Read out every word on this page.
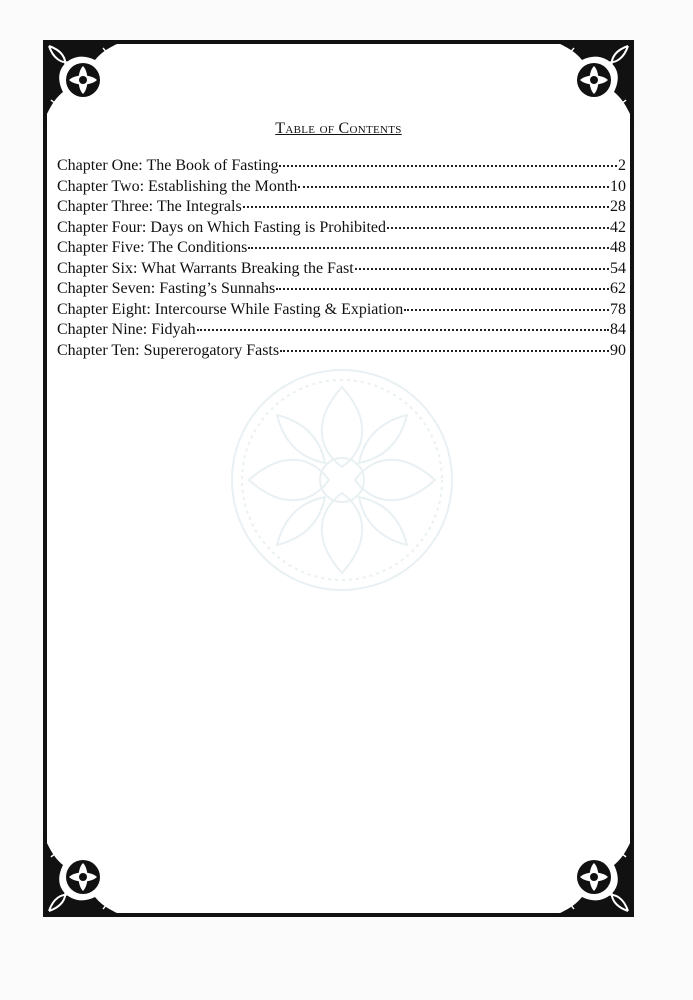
Table of Contents
Chapter One: The Book of Fasting	2
Chapter Two: Establishing the Month	10
Chapter Three: The Integrals	28
Chapter Four: Days on Which Fasting is Prohibited	42
Chapter Five: The Conditions	48
Chapter Six: What Warrants Breaking the Fast	54
Chapter Seven: Fasting’s Sunnahs	62
Chapter Eight: Intercourse While Fasting & Expiation	78
Chapter Nine: Fidyah	84
Chapter Ten: Supererogatory Fasts	90
